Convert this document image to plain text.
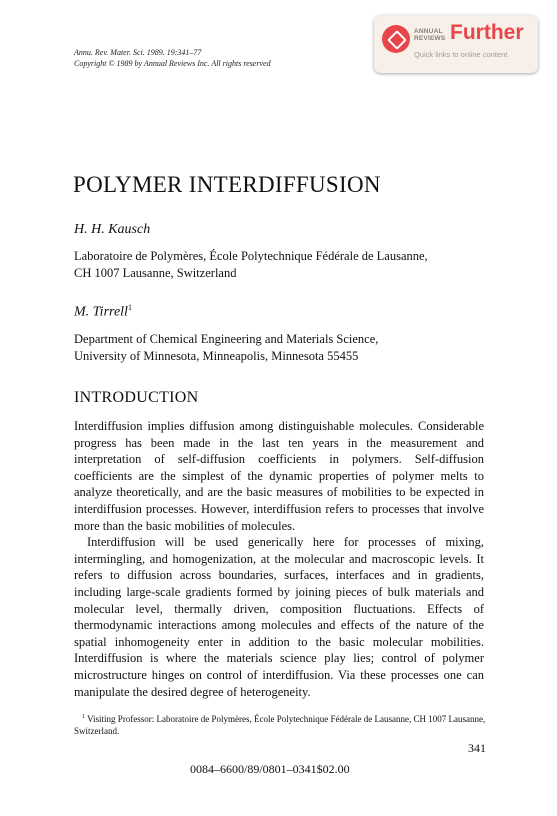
Annu. Rev. Mater. Sci. 1989. 19:341–77
Copyright © 1989 by Annual Reviews Inc. All rights reserved
ANNUAL REVIEWS Further
Quick links to online content
POLYMER INTERDIFFUSION

H. H. Kausch

Laboratoire de Polymères, École Polytechnique Fédérale de Lausanne,
CH 1007 Lausanne, Switzerland

M. Tirrell$^1$

Department of Chemical Engineering and Materials Science,
University of Minnesota, Minneapolis, Minnesota 55455

INTRODUCTION

Interdiffusion implies diffusion among distinguishable molecules. Considerable progress has been made in the last ten years in the measurement and interpretation of self-diffusion coefficients in polymers. Self-diffusion coefficients are the simplest of the dynamic properties of polymer melts to analyze theoretically, and are the basic measures of mobilities to be expected in interdiffusion processes. However, interdiffusion refers to processes that involve more than the basic mobilities of molecules.

Interdiffusion will be used generically here for processes of mixing, intermingling, and homogenization, at the molecular and macroscopic levels. It refers to diffusion across boundaries, surfaces, interfaces and in gradients, including large-scale gradients formed by joining pieces of bulk materials and molecular level, thermally driven, composition fluctuations. Effects of thermodynamic interactions among molecules and effects of the nature of the spatial inhomogeneity enter in addition to the basic molecular mobilities. Interdiffusion is where the materials science play lies; control of polymer microstructure hinges on control of interdiffusion. Via these processes one can manipulate the desired degree of heterogeneity.

$^1$ Visiting Professor: Laboratoire de Polymères, École Polytechnique Fédérale de Lausanne, CH 1007 Lausanne, Switzerland.

341
0084–6600/89/0801–0341$02.00
